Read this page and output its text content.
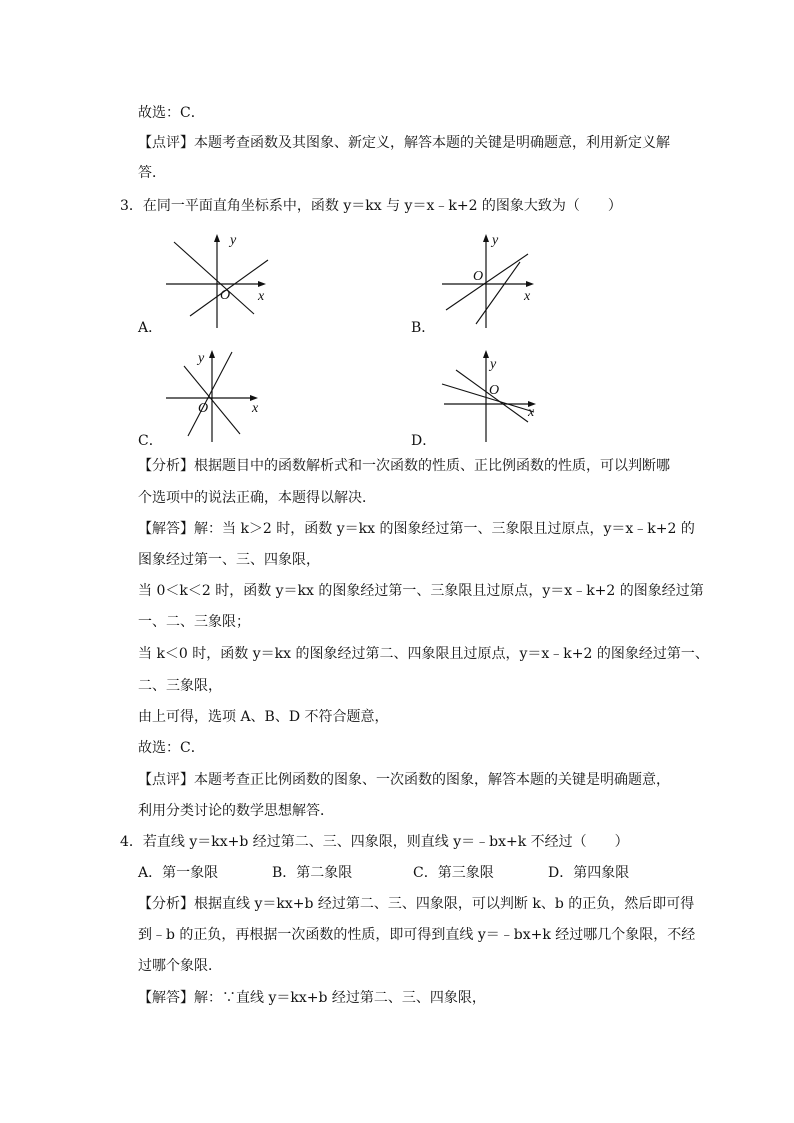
故选：C．
【点评】本题考查函数及其图象、新定义，解答本题的关键是明确题意，利用新定义解
答．
3．在同一平面直角坐标系中，函数 y＝kx 与 y＝x﹣k+2 的图象大致为（　　）
y
O x
A．
y
O
x
B．
y
O	x
C．
y
O
x
D．
【分析】根据题目中的函数解析式和一次函数的性质、正比例函数的性质，可以判断哪
个选项中的说法正确，本题得以解决．
【解答】解：当 k＞2 时，函数 y＝kx 的图象经过第一、三象限且过原点，y＝x﹣k+2 的
图象经过第一、三、四象限，
当 0＜k＜2 时，函数 y＝kx 的图象经过第一、三象限且过原点，y＝x﹣k+2 的图象经过第
一、二、三象限；
当 k＜0 时，函数 y＝kx 的图象经过第二、四象限且过原点，y＝x﹣k+2 的图象经过第一、
二、三象限，
由上可得，选项 A、B、D 不符合题意，
故选：C．
【点评】本题考查正比例函数的图象、一次函数的图象，解答本题的关键是明确题意，
利用分类讨论的数学思想解答．
4．若直线 y＝kx+b 经过第二、三、四象限，则直线 y＝﹣bx+k 不经过（　　）
A．第一象限	B．第二象限	C．第三象限	D．第四象限
【分析】根据直线 y＝kx+b 经过第二、三、四象限，可以判断 k、b 的正负，然后即可得
到﹣b 的正负，再根据一次函数的性质，即可得到直线 y＝﹣bx+k 经过哪几个象限，不经
过哪个象限．
【解答】解：∵直线 y＝kx+b 经过第二、三、四象限，
